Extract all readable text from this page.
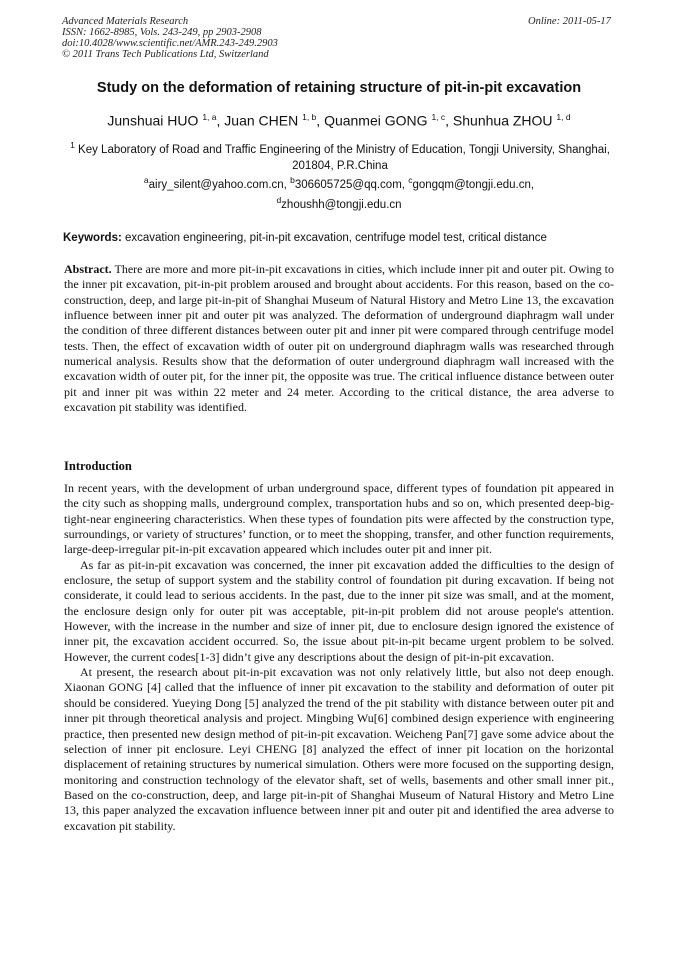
Advanced Materials Research
ISSN: 1662-8985, Vols. 243-249, pp 2903-2908
doi:10.4028/www.scientific.net/AMR.243-249.2903
© 2011 Trans Tech Publications Ltd, Switzerland
Online: 2011-05-17
Study on the deformation of retaining structure of pit-in-pit excavation
Junshuai HUO $^{1, a}$, Juan CHEN $^{1, b}$, Quanmei GONG $^{1, c}$, Shunhua ZHOU $^{1, d}$
$^1$ Key Laboratory of Road and Traffic Engineering of the Ministry of Education, Tongji University, Shanghai, 201804, P.R.China
$^a$airy_silent@yahoo.com.cn, $^b$306605725@qq.com, $^c$gongqm@tongji.edu.cn,
$^d$zhoushh@tongji.edu.cn
Keywords: excavation engineering, pit-in-pit excavation, centrifuge model test, critical distance

Abstract. There are more and more pit-in-pit excavations in cities, which include inner pit and outer pit. Owing to the inner pit excavation, pit-in-pit problem aroused and brought about accidents. For this reason, based on the co-construction, deep, and large pit-in-pit of Shanghai Museum of Natural History and Metro Line 13, the excavation influence between inner pit and outer pit was analyzed. The deformation of underground diaphragm wall under the condition of three different distances between outer pit and inner pit were compared through centrifuge model tests. Then, the effect of excavation width of outer pit on underground diaphragm walls was researched through numerical analysis. Results show that the deformation of outer underground diaphragm wall increased with the excavation width of outer pit, for the inner pit, the opposite was true. The critical influence distance between outer pit and inner pit was within 22 meter and 24 meter. According to the critical distance, the area adverse to excavation pit stability was identified.

Introduction

In recent years, with the development of urban underground space, different types of foundation pit appeared in the city such as shopping malls, underground complex, transportation hubs and so on, which presented deep-big-tight-near engineering characteristics. When these types of foundation pits were affected by the construction type, surroundings, or variety of structures’ function, or to meet the shopping, transfer, and other function requirements, large-deep-irregular pit-in-pit excavation appeared which includes outer pit and inner pit.

As far as pit-in-pit excavation was concerned, the inner pit excavation added the difficulties to the design of enclosure, the setup of support system and the stability control of foundation pit during excavation. If being not considerate, it could lead to serious accidents. In the past, due to the inner pit size was small, and at the moment, the enclosure design only for outer pit was acceptable, pit-in-pit problem did not arouse people's attention. However, with the increase in the number and size of inner pit, due to enclosure design ignored the existence of inner pit, the excavation accident occurred. So, the issue about pit-in-pit became urgent problem to be solved. However, the current codes[1-3] didn’t give any descriptions about the design of pit-in-pit excavation.

At present, the research about pit-in-pit excavation was not only relatively little, but also not deep enough. Xiaonan GONG [4] called that the influence of inner pit excavation to the stability and deformation of outer pit should be considered. Yueying Dong [5] analyzed the trend of the pit stability with distance between outer pit and inner pit through theoretical analysis and project. Mingbing Wu[6] combined design experience with engineering practice, then presented new design method of pit-in-pit excavation. Weicheng Pan[7] gave some advice about the selection of inner pit enclosure. Leyi CHENG [8] analyzed the effect of inner pit location on the horizontal displacement of retaining structures by numerical simulation. Others were more focused on the supporting design, monitoring and construction technology of the elevator shaft, set of wells, basements and other small inner pit., Based on the co-construction, deep, and large pit-in-pit of Shanghai Museum of Natural History and Metro Line 13, this paper analyzed the excavation influence between inner pit and outer pit and identified the area adverse to excavation pit stability.
